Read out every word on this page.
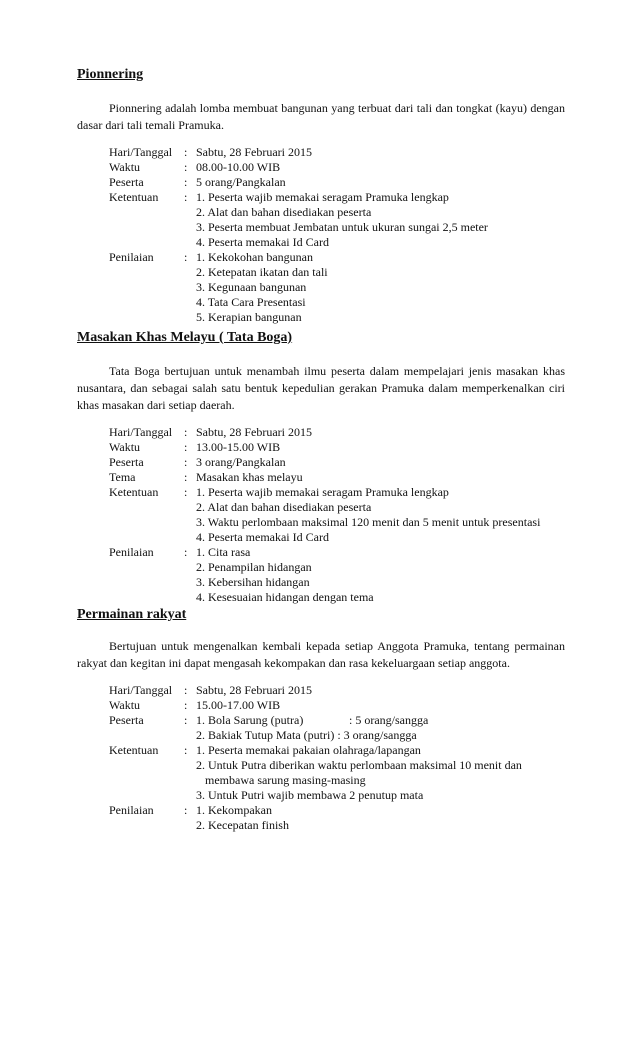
Pionnering

Pionnering adalah lomba membuat bangunan yang terbuat dari tali dan tongkat (kayu) dengan dasar dari tali temali Pramuka.

Hari/Tanggal : Sabtu, 28 Februari 2015
Waktu	: 08.00-10.00 WIB
Peserta	: 5 orang/Pangkalan
Ketentuan	: 1. Peserta wajib memakai seragam Pramuka lengkap
2. Alat dan bahan disediakan peserta
3. Peserta membuat Jembatan untuk ukuran sungai 2,5 meter
4. Peserta memakai Id Card
Penilaian	: 1. Kekokohan bangunan
2. Ketepatan ikatan dan tali
3. Kegunaan bangunan
4. Tata Cara Presentasi
5. Kerapian bangunan

Masakan Khas Melayu ( Tata Boga)

Tata Boga bertujuan untuk menambah ilmu peserta dalam mempelajari jenis masakan khas nusantara, dan sebagai salah satu bentuk kepedulian gerakan Pramuka dalam memperkenalkan ciri khas masakan dari setiap daerah.

Hari/Tanggal : Sabtu, 28 Februari 2015
Waktu	: 13.00-15.00 WIB
Peserta	: 3 orang/Pangkalan
Tema	: Masakan khas melayu
Ketentuan	: 1. Peserta wajib memakai seragam Pramuka lengkap
2. Alat dan bahan disediakan peserta
3. Waktu perlombaan maksimal 120 menit dan 5 menit untuk presentasi
4. Peserta memakai Id Card
Penilaian	: 1. Cita rasa
2. Penampilan hidangan
3. Kebersihan hidangan
4. Kesesuaian hidangan dengan tema

Permainan rakyat

Bertujuan untuk mengenalkan kembali kepada setiap Anggota Pramuka, tentang permainan rakyat dan kegitan ini dapat mengasah kekompakan dan rasa kekeluargaan setiap anggota.

Hari/Tanggal : Sabtu, 28 Februari 2015
Waktu	: 15.00-17.00 WIB
Peserta	: 1. Bola Sarung (putra)	: 5 orang/sangga
2. Bakiak Tutup Mata (putri) : 3 orang/sangga
Ketentuan	: 1. Peserta memakai pakaian olahraga/lapangan
2. Untuk Putra diberikan waktu perlombaan maksimal 10 menit dan
membawa sarung masing-masing
3. Untuk Putri wajib membawa 2 penutup mata
Penilaian	: 1. Kekompakan
2. Kecepatan finish
